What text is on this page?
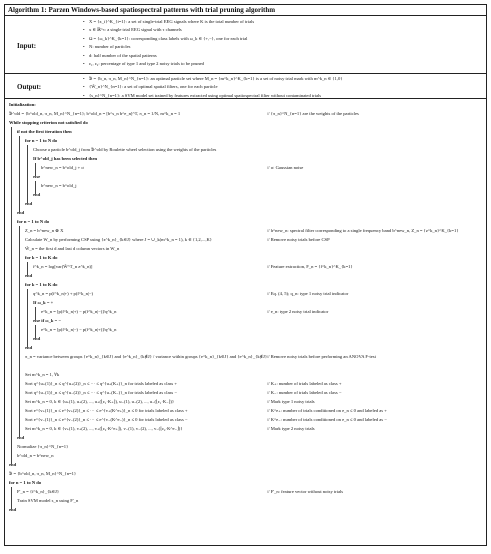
Algorithm 1: Parzen Windows-based spatiospectral patterns with trial pruning algorithm
Input:
• X = {x_i}^K_{i=1}: a set of single-trial EEG signals where K is the total number of trials
• x ∈ ℝ^τ: a single trial EEG signal with τ channels
• Ω = {ω_k}^K_{k=1}: corresponding class labels with ω_k ∈ {+,−}, one for each trial
• N: number of particles
• d: half number of the spatial patterns
• ε₁, ε₂: percentage of type 1 and type 2 noisy trials to be pruned
Output:
• 𝔅 = {b_n, π_n, M_n}^N_{n=1}: an optimal particle set where M_n = {m^k_n}^K_{k=1} is a set of noisy trial mark with m^k_n ∈ {1,0}
• {W̃_n}^N_{n=1}: a set of optimal spatial filters, one for each particle
• {s_n}^N_{n=1}: a SVM model set trained by features extracted using optimal spatiospectral filter without contaminated trials
Initialization:
𝔅^old = {b^old_n, π_n, M_n}^N_{n=1}; b^old_n = [b^s_n b^e_n]^T, π_n = 1/N, m^k_n = 1	// {π_n}^N_{n=1} are the weights of the particles
While stopping criterion not satisfied do
if not the first iteration then
for n = 1 to N do
Choose a particle b^old_j from 𝔅^old by Roulette wheel selection using the weights of the particles
If b^old_j has been selected then
b^new_n = b^old_j + σ	// σ: Gaussian noise
else
b^new_n = b^old_j
end
end
end
for n = 1 to N do
Z_n = h^new_n ⊗ X	// h^new_n: spectral filter corresponding to a single frequency band b^new_n, Z_n = {z^k_n}^K_{k=1}
Calculate W_n by performing CSP using {z^k_n}_{k∈J} where J = ∪_k(m^k_n = 1), k ∈ {1,2,...,K}	// Remove noisy trials before CSP
W̃_n = the first d and last d column vectors in W_n
for k = 1 to K do
f^k_n = log[var(W̃^T_n z^k_n)]	// Feature extraction, F_n = {f^k_n}^K_{k=1}
end
for k = 1 to K do
q^k_n = p(f^k_n|+) + p(f^k_n|−)	// Eq. (4, 5); q_n: type 1 noisy trial indicator
If ω_k = +
e^k_n = [p(f^k_n|+) − p(f^k_n|−)]/q^k_n	// e_n: type 2 noisy trial indicator
else if ω_k = −
e^k_n = [p(f^k_n|−) − p(f^k_n|+)]/q^k_n
end
end
π_n = variance between groups {e^k_n}_{k∈J} and {e^k_n}_{k∉J} / variance within groups {e^k_n}_{k∈J} and {e^k_n}_{k∉J} // Remove noisy trials before performing an ANOVA F-test
Set m^k_n = 1, ∀k
Sort q^{u₊(1)}_n ≤ q^{u₊(2)}_n ≤ ··· ≤ q^{u₊(K₊)}_n for trials labeled as class +	// K₊: number of trials labeled as class +
Sort q^{u₋(1)}_n ≤ q^{u₋(2)}_n ≤ ··· ≤ q^{u₋(K₋)}_n for trials labeled as class −	// K₋: number of trials labeled as class −
Set m^k_n = 0, k ∈ {u₊(1), u₊(2), ..., u₊(⌊ε₁·K₊⌋), u₋(1), u₋(2), ..., u₋(⌊ε₁·K₋⌋)}	// Mark type 1 noisy trials
Sort e^{v₊(1)}_n ≤ e^{v₊(2)}_n ≤ ··· ≤ e^{v₊(K^e₊)}_n ≤ 0 for trials labeled as class +	// K^e₊: number of trials conditioned on e_n ≤ 0 and labeled as +
Sort e^{v₋(1)}_n ≤ e^{v₋(2)}_n ≤ ··· ≤ e^{v₋(K^e₋)}_n ≤ 0 for trials labeled as class −	// K^e₋: number of trials conditioned on e_n ≤ 0 and labeled as −
Set m^k_n = 0, k ∈ {v₊(1), v₊(2), ..., v₊(⌊ε₂·K^e₊⌋), v₋(1), v₋(2), ..., v₋(⌊ε₂·K^e₋⌋)}	// Mark type 2 noisy trials
end
Normalize {π_n}^N_{n=1}
b^old_n = b^new_n
end
𝔅 = {b^old_n, π_n, M_n}^N_{n=1}
for n = 1 to N do
F'_n = {f^k_n}_{k∈J}	// F'_n: feature vector without noisy trials
Train SVM model s_n using F'_n
end
